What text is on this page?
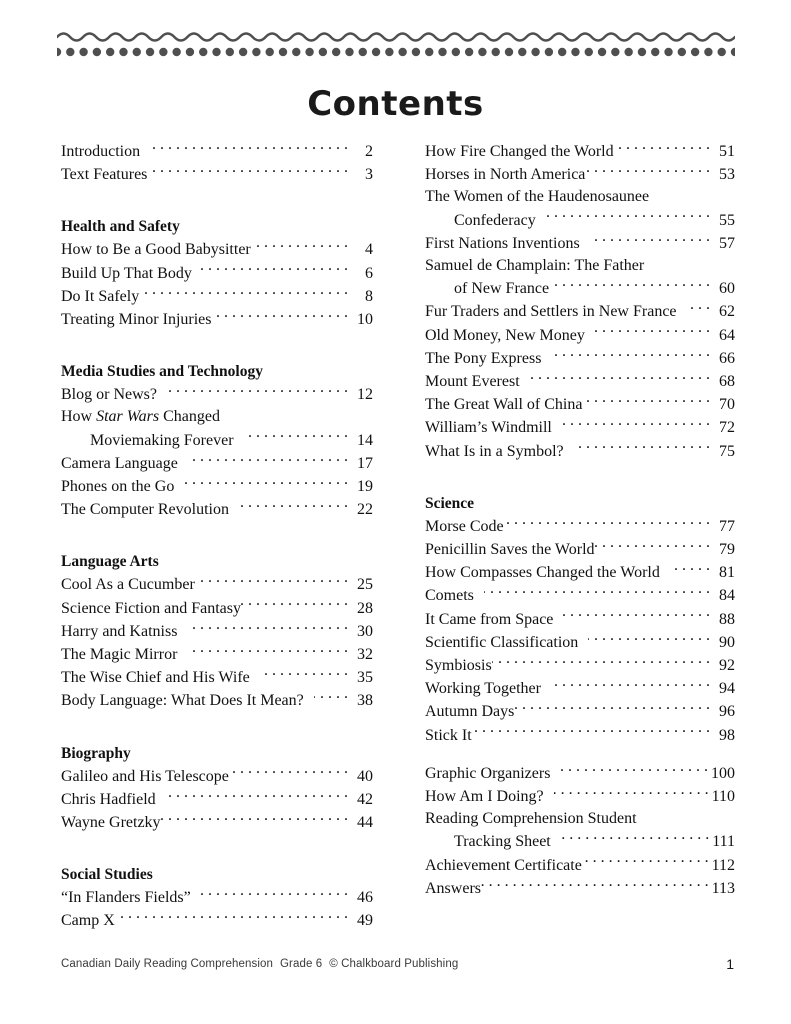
Contents
Introduction . . .	2
Text Features . . .	3
Health and Safety
How to Be a Good Babysitter . . .	4
Build Up That Body . . .	6
Do It Safely . . .	8
Treating Minor Injuries . . .	10
Media Studies and Technology
Blog or News? . . .	12
How Star Wars Changed
Moviemaking Forever . . .	14
Camera Language . . .	17
Phones on the Go . . .	19
The Computer Revolution . . .	22
Language Arts
Cool As a Cucumber . . .	25
Science Fiction and Fantasy . . .	28
Harry and Katniss . . .	30
The Magic Mirror . . .	32
The Wise Chief and His Wife . . .	35
Body Language: What Does It Mean? . . .	38
Biography
Galileo and His Telescope . . .	40
Chris Hadfield . . .	42
Wayne Gretzky . . .	44
Social Studies
“In Flanders Fields” . . .	46
Camp X . . .	49
How Fire Changed the World . . .	51
Horses in North America . . .	53
The Women of the Haudenosaunee
Confederacy . . .	55
First Nations Inventions . . .	57
Samuel de Champlain: The Father
of New France . . .	60
Fur Traders and Settlers in New France . . .	62
Old Money, New Money . . .	64
The Pony Express . . .	66
Mount Everest . . .	68
The Great Wall of China . . .	70
William’s Windmill . . .	72
What Is in a Symbol? . . .	75
Science
Morse Code . . .	77
Penicillin Saves the World . . .	79
How Compasses Changed the World . . .	81
Comets . . .	84
It Came from Space . . .	88
Scientific Classification . . .	90
Symbiosis . . .	92
Working Together . . .	94
Autumn Days . . .	96
Stick It . . .	98
Graphic Organizers . . .	100
How Am I Doing? . . .	110
Reading Comprehension Student
Tracking Sheet . . .	111
Achievement Certificate . . .	112
Answers . . .	113
Canadian Daily Reading Comprehension Grade 6 © Chalkboard Publishing	1
